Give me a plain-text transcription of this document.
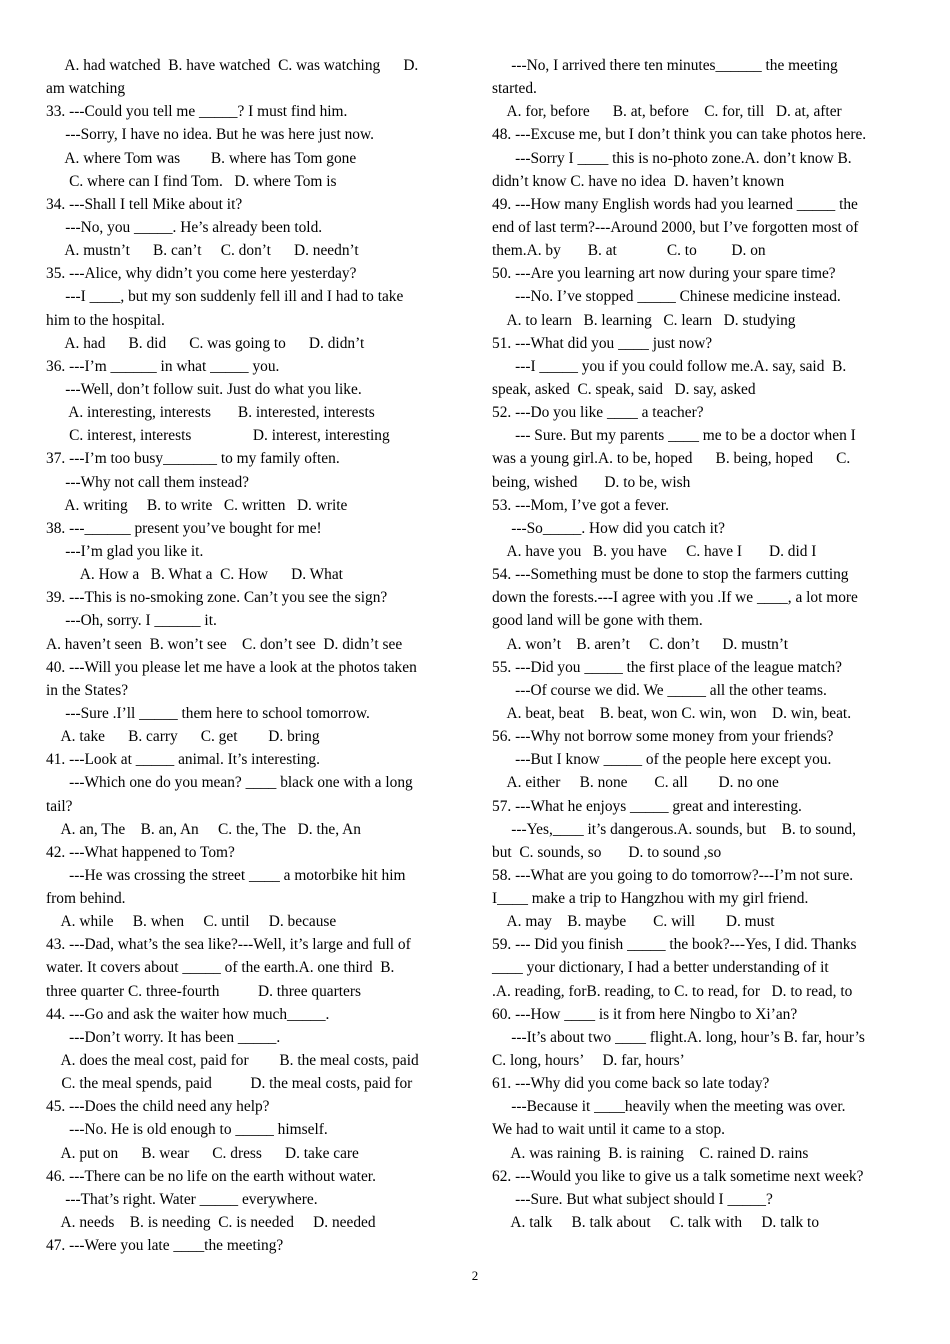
A. had watched  B. have watched  C. was watching      D.
am watching
33. ---Could you tell me _____? I must find him.
---Sorry, I have no idea. But he was here just now.
A. where Tom was        B. where has Tom gone
C. where can I find Tom.   D. where Tom is
34. ---Shall I tell Mike about it?
---No, you _____. He’s already been told.
A. mustn’t      B. can’t     C. don’t      D. needn’t
35. ---Alice, why didn’t you come here yesterday?
---I ____, but my son suddenly fell ill and I had to take
him to the hospital.
A. had      B. did      C. was going to      D. didn’t
36. ---I’m ______ in what _____ you.
---Well, don’t follow suit. Just do what you like.
A. interesting, interests       B. interested, interests
C. interest, interests                D. interest, interesting
37. ---I’m too busy_______ to my family often.
---Why not call them instead?
A. writing     B. to write   C. written   D. write
38. ---______ present you’ve bought for me!
---I’m glad you like it.
A. How a   B. What a  C. How      D. What
39. ---This is no-smoking zone. Can’t you see the sign?
---Oh, sorry. I ______ it.
A. haven’t seen  B. won’t see    C. don’t see  D. didn’t see
40. ---Will you please let me have a look at the photos taken
in the States?
---Sure .I’ll _____ them here to school tomorrow.
A. take      B. carry      C. get        D. bring
41. ---Look at _____ animal. It’s interesting.
---Which one do you mean? ____ black one with a long
tail?
A. an, The    B. an, An     C. the, The   D. the, An
42. ---What happened to Tom?
---He was crossing the street ____ a motorbike hit him
from behind.
A. while     B. when     C. until     D. because
43. ---Dad, what’s the sea like?---Well, it’s large and full of
water. It covers about _____ of the earth.A. one third  B.
three quarter C. three-fourth          D. three quarters
44. ---Go and ask the waiter how much_____.
---Don’t worry. It has been _____.
A. does the meal cost, paid for        B. the meal costs, paid
C. the meal spends, paid          D. the meal costs, paid for
45. ---Does the child need any help?
---No. He is old enough to _____ himself.
A. put on      B. wear      C. dress      D. take care
46. ---There can be no life on the earth without water.
---That’s right. Water _____ everywhere.
A. needs    B. is needing  C. is needed     D. needed
47. ---Were you late ____the meeting?
---No, I arrived there ten minutes______ the meeting
started.
A. for, before      B. at, before    C. for, till   D. at, after
48. ---Excuse me, but I don’t think you can take photos here.
---Sorry I ____ this is no-photo zone.A. don’t know B.
didn’t know C. have no idea  D. haven’t known
49. ---How many English words had you learned _____ the
end of last term?---Around 2000, but I’ve forgotten most of
them.A. by       B. at             C. to         D. on
50. ---Are you learning art now during your spare time?
---No. I’ve stopped _____ Chinese medicine instead.
A. to learn   B. learning   C. learn   D. studying
51. ---What did you ____ just now?
---I _____ you if you could follow me.A. say, said  B.
speak, asked  C. speak, said   D. say, asked
52. ---Do you like ____ a teacher?
--- Sure. But my parents ____ me to be a doctor when I
was a young girl.A. to be, hoped      B. being, hoped      C.
being, wished       D. to be, wish
53. ---Mom, I’ve got a fever.
---So_____. How did you catch it?
A. have you   B. you have     C. have I       D. did I
54. ---Something must be done to stop the farmers cutting
down the forests.---I agree with you .If we ____, a lot more
good land will be gone with them.
A. won’t    B. aren’t     C. don’t      D. mustn’t
55. ---Did you _____ the first place of the league match?
---Of course we did. We _____ all the other teams.
A. beat, beat    B. beat, won C. win, won    D. win, beat.
56. ---Why not borrow some money from your friends?
---But I know _____ of the people here except you.
A. either     B. none       C. all        D. no one
57. ---What he enjoys _____ great and interesting.
---Yes,____ it’s dangerous.A. sounds, but    B. to sound,
but  C. sounds, so       D. to sound ,so
58. ---What are you going to do tomorrow?---I’m not sure.
I____ make a trip to Hangzhou with my girl friend.
A. may    B. maybe       C. will        D. must
59. --- Did you finish _____ the book?---Yes, I did. Thanks
____ your dictionary, I had a better understanding of it
.A. reading, forB. reading, to C. to read, for   D. to read, to
60. ---How ____ is it from here Ningbo to Xi’an?
---It’s about two ____ flight.A. long, hour’s B. far, hour’s
C. long, hours’     D. far, hours’
61. ---Why did you come back so late today?
---Because it ____heavily when the meeting was over.
We had to wait until it came to a stop.
A. was raining  B. is raining    C. rained D. rains
62. ---Would you like to give us a talk sometime next week?
---Sure. But what subject should I _____?
A. talk     B. talk about     C. talk with     D. talk to
2
